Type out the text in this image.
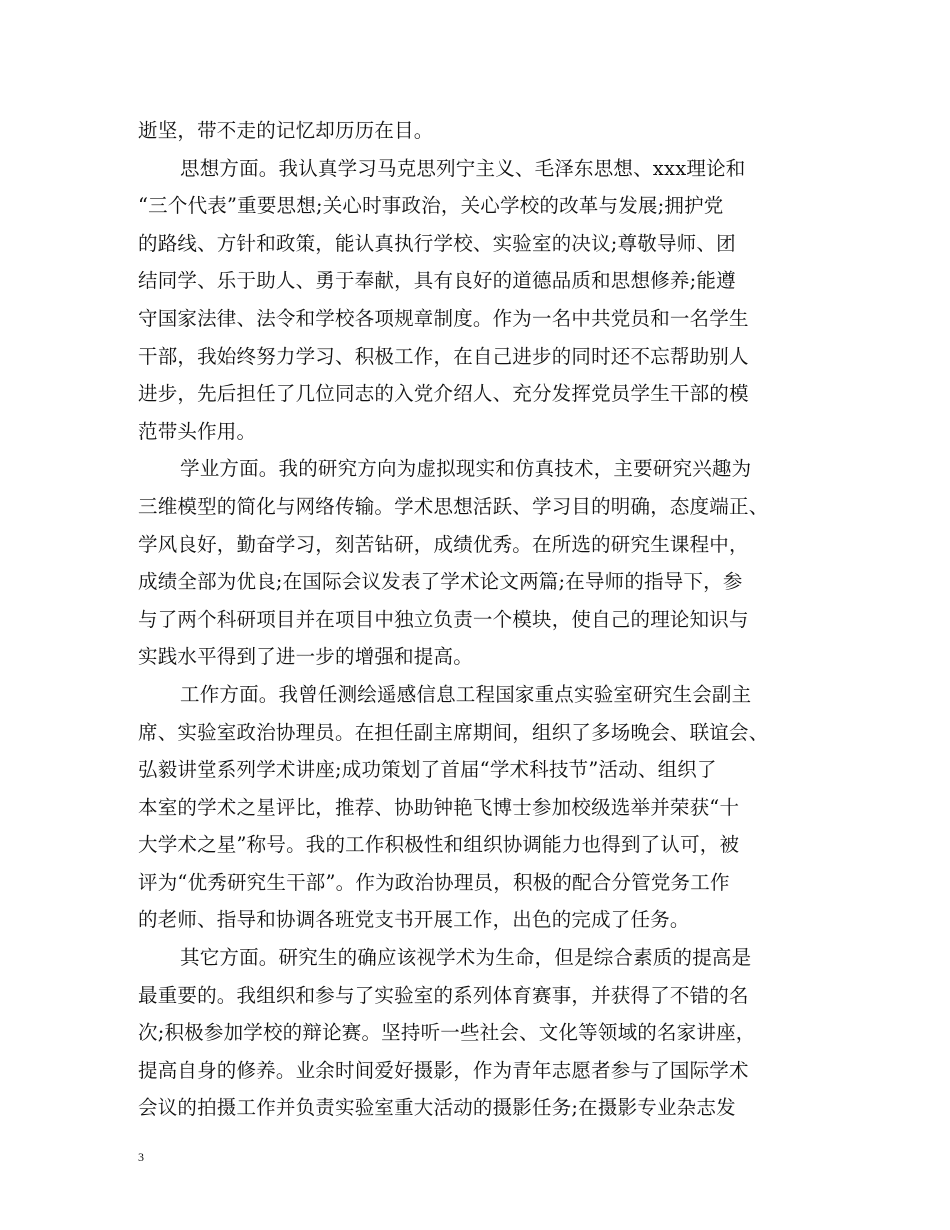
逝坚，带不走的记忆却历历在目。
思想方面。我认真学习马克思列宁主义、毛泽东思想、xxx理论和
“三个代表”重要思想;关心时事政治，关心学校的改革与发展;拥护党
的路线、方针和政策，能认真执行学校、实验室的决议;尊敬导师、团
结同学、乐于助人、勇于奉献，具有良好的道德品质和思想修养;能遵
守国家法律、法令和学校各项规章制度。作为一名中共党员和一名学生
干部，我始终努力学习、积极工作，在自己进步的同时还不忘帮助别人
进步，先后担任了几位同志的入党介绍人、充分发挥党员学生干部的模
范带头作用。
学业方面。我的研究方向为虚拟现实和仿真技术，主要研究兴趣为
三维模型的简化与网络传输。学术思想活跃、学习目的明确，态度端正、
学风良好，勤奋学习，刻苦钻研，成绩优秀。在所选的研究生课程中，
成绩全部为优良;在国际会议发表了学术论文两篇;在导师的指导下，参
与了两个科研项目并在项目中独立负责一个模块，使自己的理论知识与
实践水平得到了进一步的增强和提高。
工作方面。我曾任测绘遥感信息工程国家重点实验室研究生会副主
席、实验室政治协理员。在担任副主席期间，组织了多场晚会、联谊会、
弘毅讲堂系列学术讲座;成功策划了首届“学术科技节”活动、组织了
本室的学术之星评比，推荐、协助钟艳飞博士参加校级选举并荣获“十
大学术之星”称号。我的工作积极性和组织协调能力也得到了认可，被
评为“优秀研究生干部”。作为政治协理员，积极的配合分管党务工作
的老师、指导和协调各班党支书开展工作，出色的完成了任务。
其它方面。研究生的确应该视学术为生命，但是综合素质的提高是
最重要的。我组织和参与了实验室的系列体育赛事，并获得了不错的名
次;积极参加学校的辩论赛。坚持听一些社会、文化等领域的名家讲座，
提高自身的修养。业余时间爱好摄影，作为青年志愿者参与了国际学术
会议的拍摄工作并负责实验室重大活动的摄影任务;在摄影专业杂志发
3
